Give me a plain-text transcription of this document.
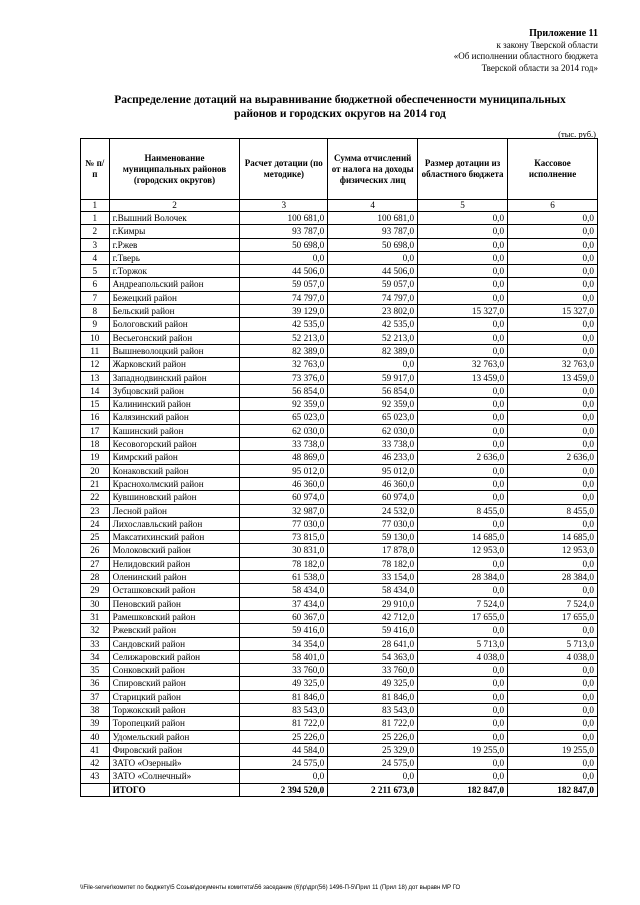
Приложение 11
к закону Тверской области
«Об исполнении областного бюджета
Тверской области за 2014 год»
Распределение дотаций на выравнивание бюджетной обеспеченности муниципальных
районов и городских округов на 2014 год
(тыс. руб.)
№ п/п	Наименование муниципальных районов (городских округов)	Расчет дотации (по методике)	Сумма отчислений от налога на доходы физических лиц	Размер дотации из областного бюджета	Кассовое исполнение
1	2	3	4	5	6
1	г.Вышний Волочек	100 681,0	100 681,0	0,0	0,0
2	г.Кимры	93 787,0	93 787,0	0,0	0,0
3	г.Ржев	50 698,0	50 698,0	0,0	0,0
4	г.Тверь	0,0	0,0	0,0	0,0
5	г.Торжок	44 506,0	44 506,0	0,0	0,0
6	Андреапольский район	59 057,0	59 057,0	0,0	0,0
7	Бежецкий район	74 797,0	74 797,0	0,0	0,0
8	Бельский район	39 129,0	23 802,0	15 327,0	15 327,0
9	Бологовский район	42 535,0	42 535,0	0,0	0,0
10	Весьегонский район	52 213,0	52 213,0	0,0	0,0
11	Вышневолоцкий район	82 389,0	82 389,0	0,0	0,0
12	Жарковский район	32 763,0	0,0	32 763,0	32 763,0
13	Западнодвинский район	73 376,0	59 917,0	13 459,0	13 459,0
14	Зубцовский район	56 854,0	56 854,0	0,0	0,0
15	Калининский район	92 359,0	92 359,0	0,0	0,0
16	Калязинский район	65 023,0	65 023,0	0,0	0,0
17	Кашинский район	62 030,0	62 030,0	0,0	0,0
18	Кесовогорский район	33 738,0	33 738,0	0,0	0,0
19	Кимрский район	48 869,0	46 233,0	2 636,0	2 636,0
20	Конаковский район	95 012,0	95 012,0	0,0	0,0
21	Краснохолмский район	46 360,0	46 360,0	0,0	0,0
22	Кувшиновский район	60 974,0	60 974,0	0,0	0,0
23	Лесной район	32 987,0	24 532,0	8 455,0	8 455,0
24	Лихославльский район	77 030,0	77 030,0	0,0	0,0
25	Максатихинский район	73 815,0	59 130,0	14 685,0	14 685,0
26	Молоковский район	30 831,0	17 878,0	12 953,0	12 953,0
27	Нелидовский район	78 182,0	78 182,0	0,0	0,0
28	Оленинский район	61 538,0	33 154,0	28 384,0	28 384,0
29	Осташковский район	58 434,0	58 434,0	0,0	0,0
30	Пеновский район	37 434,0	29 910,0	7 524,0	7 524,0
31	Рамешковский район	60 367,0	42 712,0	17 655,0	17 655,0
32	Ржевский район	59 416,0	59 416,0	0,0	0,0
33	Сандовский район	34 354,0	28 641,0	5 713,0	5 713,0
34	Селижаровский район	58 401,0	54 363,0	4 038,0	4 038,0
35	Сонковский район	33 760,0	33 760,0	0,0	0,0
36	Спировский район	49 325,0	49 325,0	0,0	0,0
37	Старицкий район	81 846,0	81 846,0	0,0	0,0
38	Торжокский район	83 543,0	83 543,0	0,0	0,0
39	Торопецкий район	81 722,0	81 722,0	0,0	0,0
40	Удомельский район	25 226,0	25 226,0	0,0	0,0
41	Фировский район	44 584,0	25 329,0	19 255,0	19 255,0
42	ЗАТО «Озерный»	24 575,0	24 575,0	0,0	0,0
43	ЗАТО «Солнечный»	0,0	0,0	0,0	0,0
	ИТОГО	2 394 520,0	2 211 673,0	182 847,0	182 847,0
\\File-server\комитет по бюджету\5 Созыв\документы комитета\56 заседание (6)\р\дрг(56) 1496-П-5\Прил 11 (Прил 18) дот выравн МР ГО
